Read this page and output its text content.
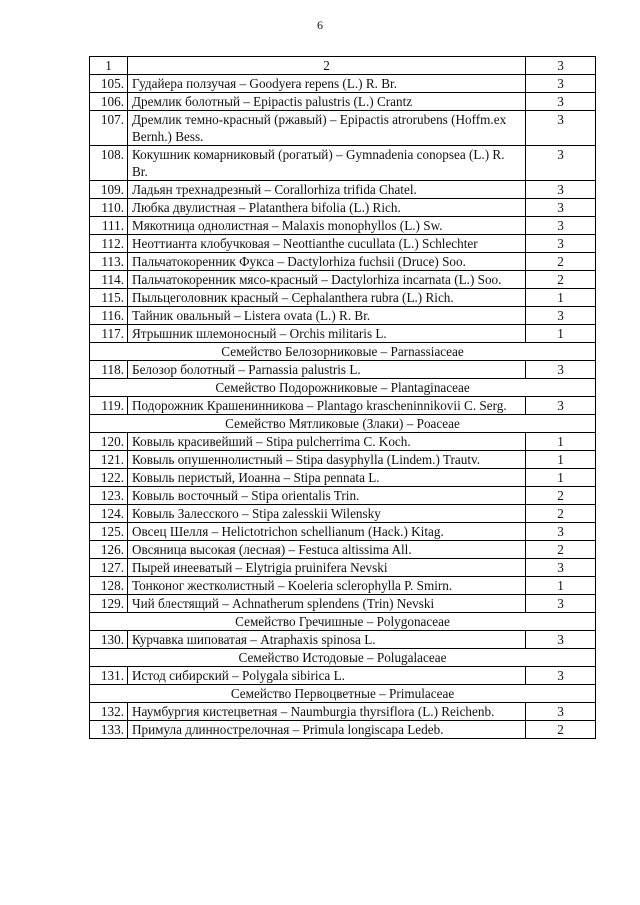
6
1	2	3
105.	Гудайера ползучая – Goodyera repens (L.) R. Br.	3
106.	Дремлик болотный – Epipactis palustris (L.) Crantz	3
107.	Дремлик темно-красный (ржавый) – Epipactis atrorubens (Hoffm.ex Bernh.) Bess.	3
108.	Кокушник комарниковый (рогатый) – Gymnadenia conopsea (L.) R. Br.	3
109.	Ладьян трехнадрезный – Corallorhiza trifida Chatel.	3
110.	Любка двулистная – Platanthera bifolia (L.) Rich.	3
111.	Мякотница однолистная – Malaxis monophyllos (L.) Sw.	3
112.	Неоттианта клобучковая – Neottianthe cucullata (L.) Schlechter	3
113.	Пальчатокоренник Фукса – Dactylorhiza fuchsii (Druce) Soo.	2
114.	Пальчатокоренник мясо-красный – Dactylorhiza incarnata (L.) Soo.	2
115.	Пыльцеголовник красный – Cephalanthera rubra (L.) Rich.	1
116.	Тайник овальный – Listera ovata (L.) R. Br.	3
117.	Ятрышник шлемоносный – Orchis militaris L.	1
Семейство Белозорниковые – Parnassiaceae		
118.	Белозор болотный – Parnassia palustris L.	3
Семейство Подорожниковые – Plantaginaceae		
119.	Подорожник Крашенинникова – Plantago krascheninnikovii C. Serg.	3
Семейство Мятликовые (Злаки) – Poaceae		
120.	Ковыль красивейший – Stipa pulcherrima C. Koch.	1
121.	Ковыль опушеннолистный – Stipa dasyphylla (Lindem.) Trautv.	1
122.	Ковыль перистый, Иоанна – Stipa pennata L.	1
123.	Ковыль восточный – Stipa orientalis Trin.	2
124.	Ковыль Залесского – Stipa zalesskii Wilensky	2
125.	Овсец Шелля – Helictotrichon schellianum (Hack.) Kitag.	3
126.	Овсяница высокая (лесная) – Festuca altissima All.	2
127.	Пырей инееватый – Elytrigia pruinifera Nevski	3
128.	Тонконог жестколистный – Koeleria sclerophylla P. Smirn.	1
129.	Чий блестящий – Achnatherum splendens (Trin) Nevski	3
Семейство Гречишные – Polygonaceae		
130.	Курчавка шиповатая – Atraphaxis spinosa L.	3
Семейство Истодовые – Polugalaceae		
131.	Истод сибирский – Polygala sibirica L.	3
Семейство Первоцветные – Primulaceae		
132.	Наумбургия кистецветная – Naumburgia thyrsiflora (L.) Reichenb.	3
133.	Примула длиннострелочная – Primula longiscapa Ledeb.	2
